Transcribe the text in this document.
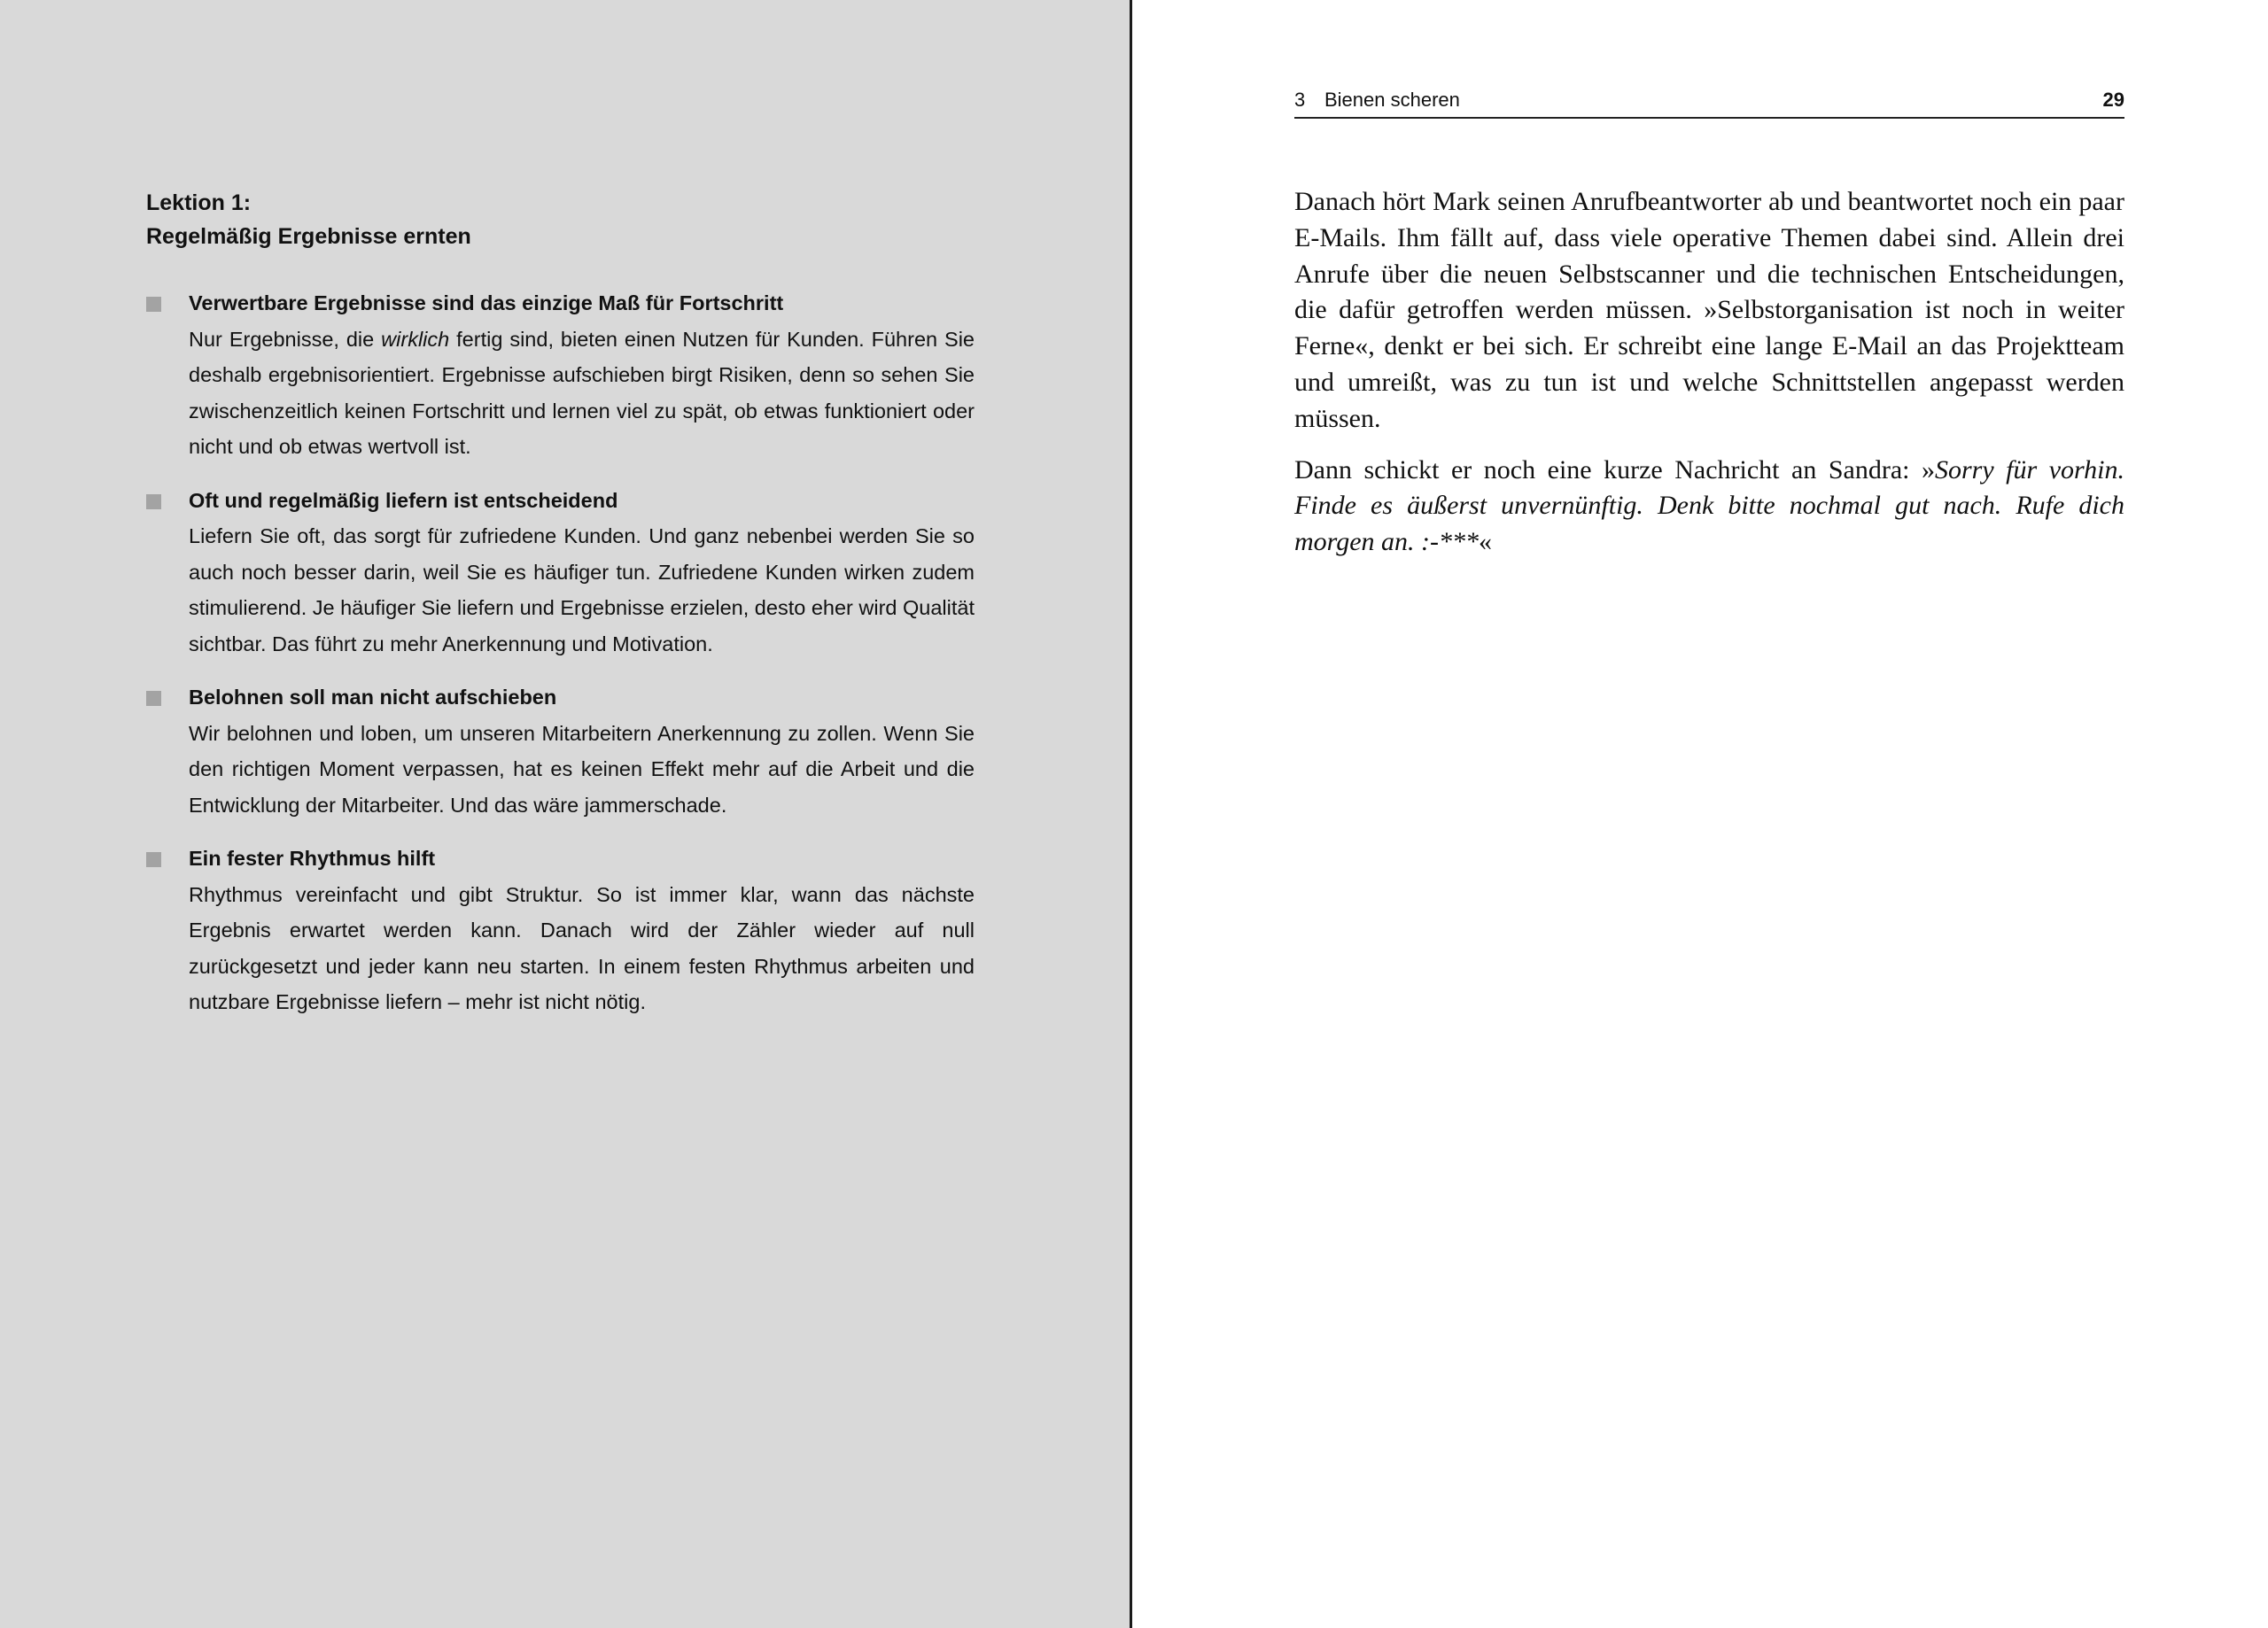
Lektion 1:
Regelmäßig Ergebnisse ernten
Verwertbare Ergebnisse sind das einzige Maß für Fortschritt
Nur Ergebnisse, die wirklich fertig sind, bieten einen Nutzen für Kunden. Führen Sie deshalb ergebnisorientiert. Ergebnisse aufschieben birgt Risiken, denn so sehen Sie zwischenzeitlich keinen Fortschritt und lernen viel zu spät, ob etwas funktioniert oder nicht und ob etwas wertvoll ist.
Oft und regelmäßig liefern ist entscheidend
Liefern Sie oft, das sorgt für zufriedene Kunden. Und ganz nebenbei werden Sie so auch noch besser darin, weil Sie es häufiger tun. Zufriedene Kunden wirken zudem stimulierend. Je häufiger Sie liefern und Ergebnisse erzielen, desto eher wird Qualität sichtbar. Das führt zu mehr Anerkennung und Motivation.
Belohnen soll man nicht aufschieben
Wir belohnen und loben, um unseren Mitarbeitern Anerkennung zu zollen. Wenn Sie den richtigen Moment verpassen, hat es keinen Effekt mehr auf die Arbeit und die Entwicklung der Mitarbeiter. Und das wäre jammerschade.
Ein fester Rhythmus hilft
Rhythmus vereinfacht und gibt Struktur. So ist immer klar, wann das nächste Ergebnis erwartet werden kann. Danach wird der Zähler wieder auf null zurückgesetzt und jeder kann neu starten. In einem festen Rhythmus arbeiten und nutzbare Ergebnisse liefern – mehr ist nicht nötig.
3 Bienen scheren	29

Danach hört Mark seinen Anrufbeantworter ab und beantwortet noch ein paar E-Mails. Ihm fällt auf, dass viele operative Themen dabei sind. Allein drei Anrufe über die neuen Selbstscanner und die technischen Entscheidungen, die dafür getroffen werden müssen. »Selbstorganisation ist noch in weiter Ferne«, denkt er bei sich. Er schreibt eine lange E-Mail an das Projektteam und umreißt, was zu tun ist und welche Schnittstellen angepasst werden müssen.

Dann schickt er noch eine kurze Nachricht an Sandra: »Sorry für vorhin. Finde es äußerst unvernünftig. Denk bitte nochmal gut nach. Rufe dich morgen an. :-***«
